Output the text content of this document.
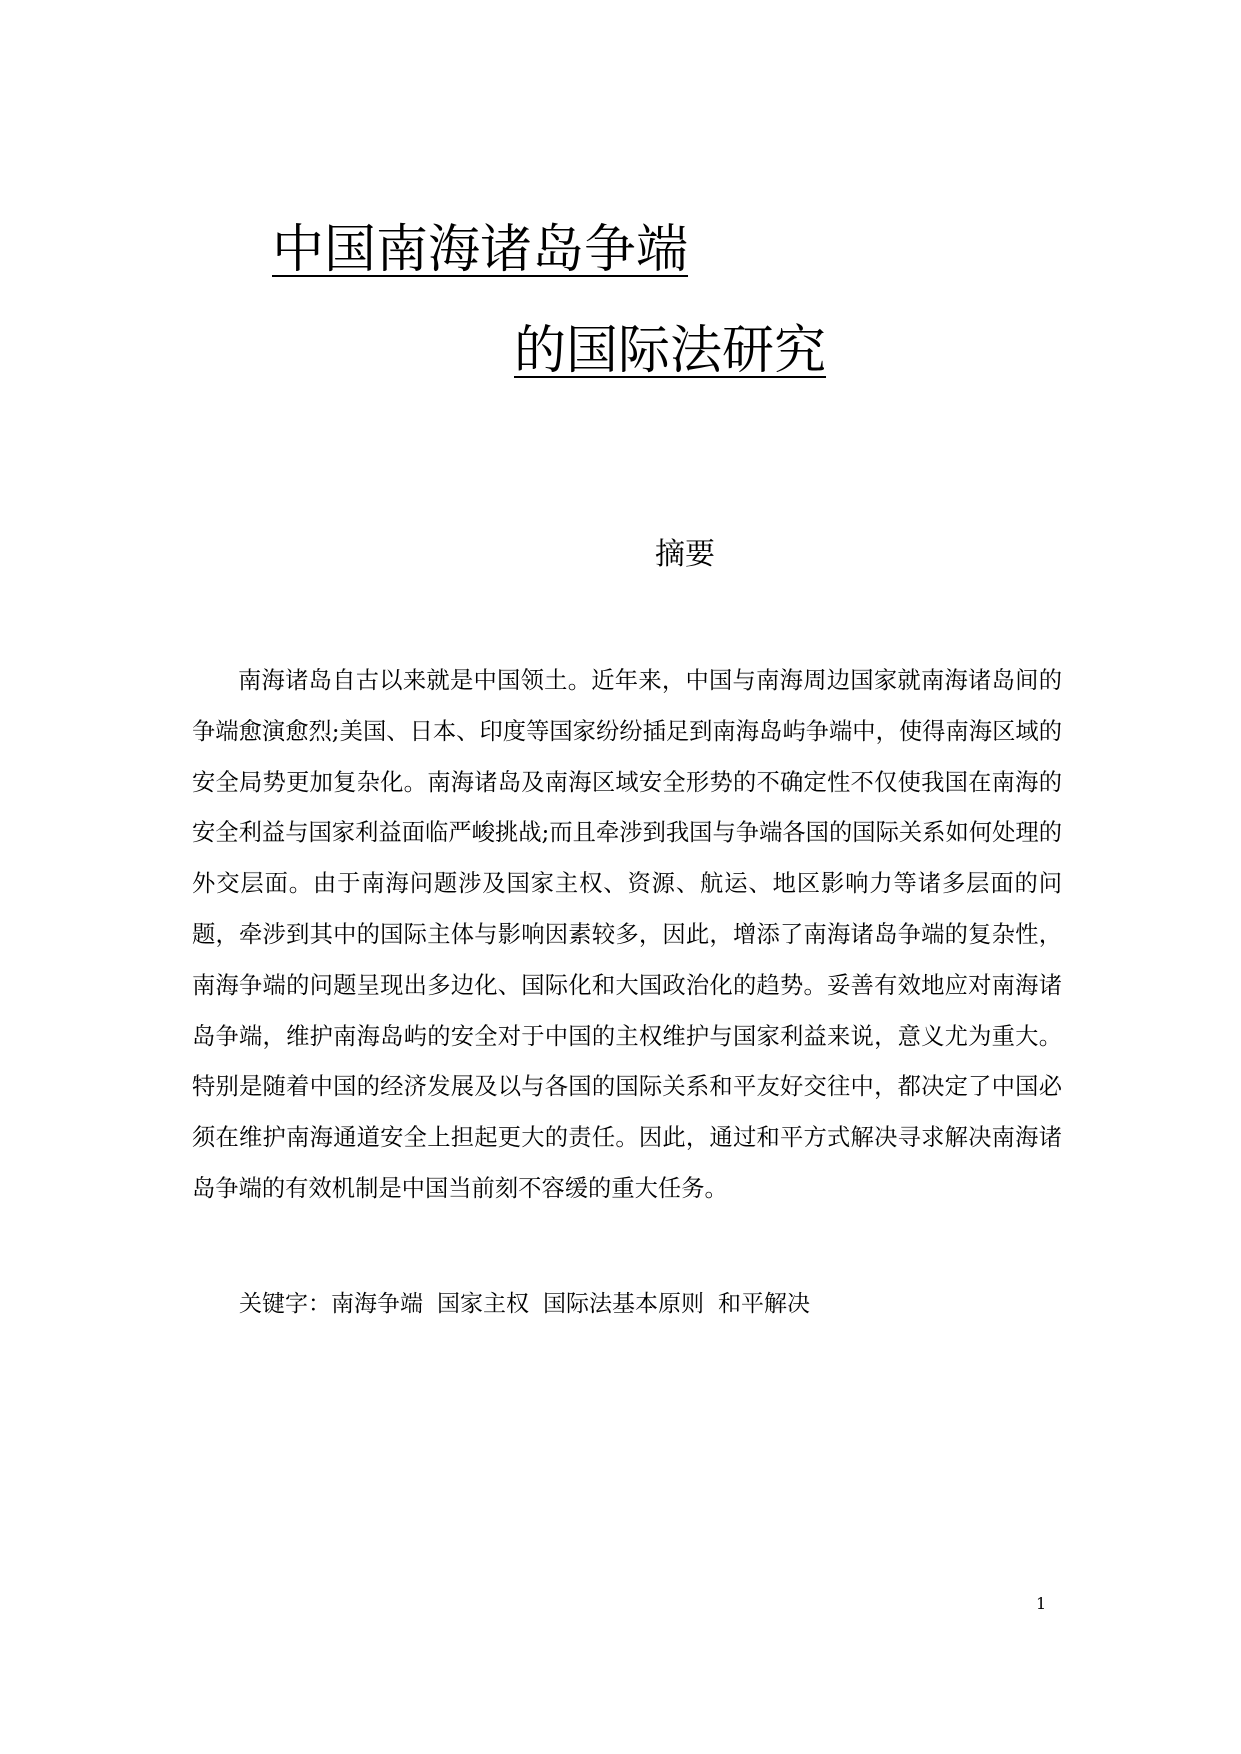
中国南海诸岛争端
的国际法研究
摘要

南海诸岛自古以来就是中国领土。近年来，中国与南海周边国家就南海诸岛间的争端愈演愈烈;美国、日本、印度等国家纷纷插足到南海岛屿争端中，使得南海区域的安全局势更加复杂化。南海诸岛及南海区域安全形势的不确定性不仅使我国在南海的安全利益与国家利益面临严峻挑战;而且牵涉到我国与争端各国的国际关系如何处理的外交层面。由于南海问题涉及国家主权、资源、航运、地区影响力等诸多层面的问题，牵涉到其中的国际主体与影响因素较多，因此，增添了南海诸岛争端的复杂性，南海争端的问题呈现出多边化、国际化和大国政治化的趋势。妥善有效地应对南海诸岛争端，维护南海岛屿的安全对于中国的主权维护与国家利益来说，意义尤为重大。特别是随着中国的经济发展及以与各国的国际关系和平友好交往中，都决定了中国必须在维护南海通道安全上担起更大的责任。因此，通过和平方式解决寻求解决南海诸岛争端的有效机制是中国当前刻不容缓的重大任务。

关键字：南海争端 国家主权 国际法基本原则 和平解决
1
